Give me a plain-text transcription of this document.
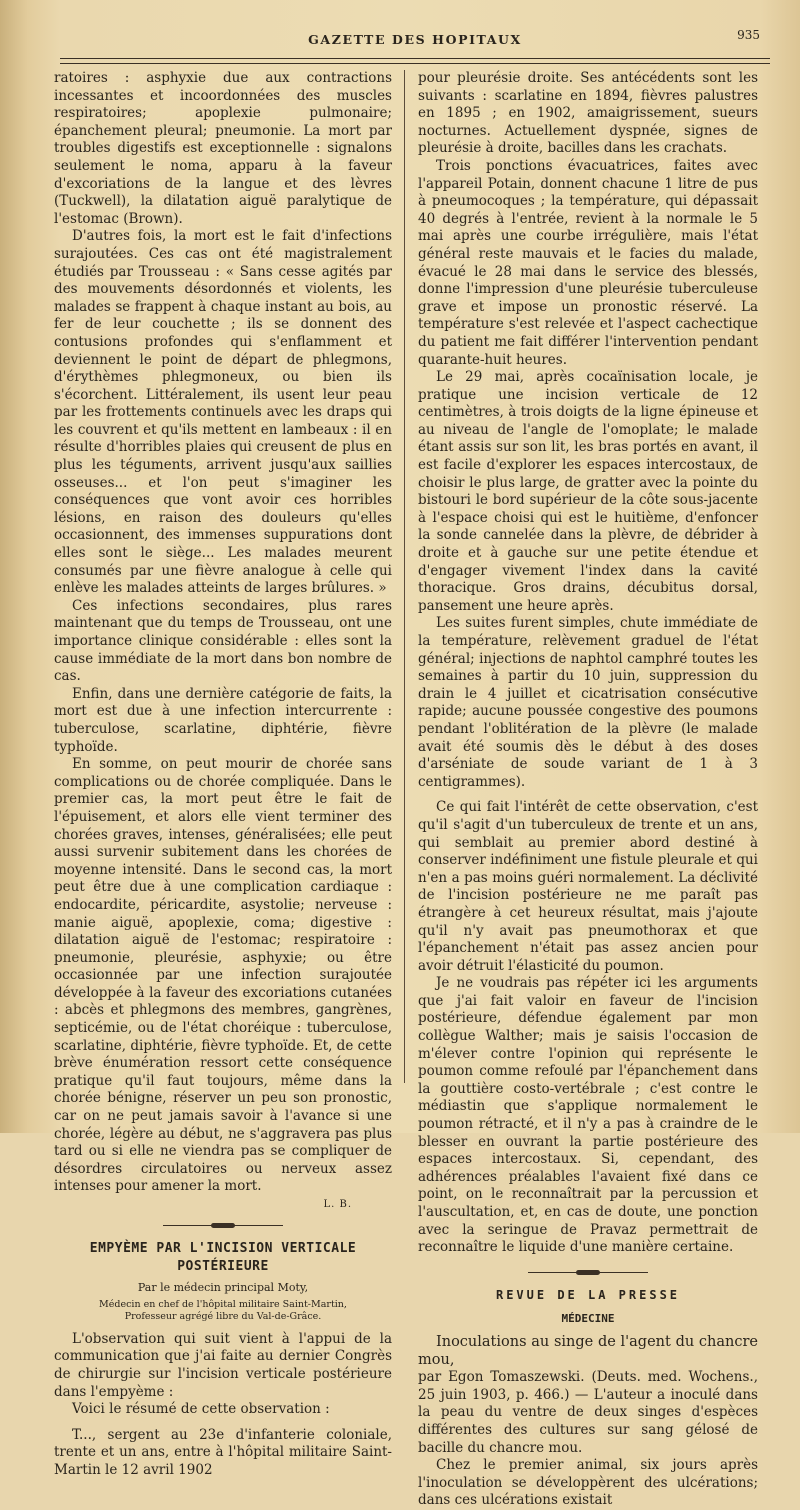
GAZETTE DES HOPITAUX	935

ratoires : asphyxie due aux contractions incessantes et incoordonnées des muscles respiratoires; apoplexie pulmonaire; épanchement pleural; pneumonie. La mort par troubles digestifs est exceptionnelle : signalons seulement le noma, apparu à la faveur d'excoriations de la langue et des lèvres (Tuckwell), la dilatation aiguë paralytique de l'estomac (Brown).

D'autres fois, la mort est le fait d'infections surajoutées. Ces cas ont été magistralement étudiés par Trousseau : « Sans cesse agités par des mouvements désordonnés et violents, les malades se frappent à chaque instant au bois, au fer de leur couchette ; ils se donnent des contusions profondes qui s'enflamment et deviennent le point de départ de phlegmons, d'érythèmes phlegmoneux, ou bien ils s'écorchent. Littéralement, ils usent leur peau par les frottements continuels avec les draps qui les couvrent et qu'ils mettent en lambeaux : il en résulte d'horribles plaies qui creusent de plus en plus les téguments, arrivent jusqu'aux saillies osseuses... et l'on peut s'imaginer les conséquences que vont avoir ces horribles lésions, en raison des douleurs qu'elles occasionnent, des immenses suppurations dont elles sont le siège... Les malades meurent consumés par une fièvre analogue à celle qui enlève les malades atteints de larges brûlures. »

Ces infections secondaires, plus rares maintenant que du temps de Trousseau, ont une importance clinique considérable : elles sont la cause immédiate de la mort dans bon nombre de cas.

Enfin, dans une dernière catégorie de faits, la mort est due à une infection intercurrente : tuberculose, scarlatine, diphtérie, fièvre typhoïde.

En somme, on peut mourir de chorée sans complications ou de chorée compliquée. Dans le premier cas, la mort peut être le fait de l'épuisement, et alors elle vient terminer des chorées graves, intenses, généralisées; elle peut aussi survenir subitement dans les chorées de moyenne intensité. Dans le second cas, la mort peut être due à une complication cardiaque : endocardite, péricardite, asystolie; nerveuse : manie aiguë, apoplexie, coma; digestive : dilatation aiguë de l'estomac; respiratoire : pneumonie, pleurésie, asphyxie; ou être occasionnée par une infection surajoutée développée à la faveur des excoriations cutanées : abcès et phlegmons des membres, gangrènes, septicémie, ou de l'état choréique : tuberculose, scarlatine, diphtérie, fièvre typhoïde. Et, de cette brève énumération ressort cette conséquence pratique qu'il faut toujours, même dans la chorée bénigne, réserver un peu son pronostic, car on ne peut jamais savoir à l'avance si une chorée, légère au début, ne s'aggravera pas plus tard ou si elle ne viendra pas se compliquer de désordres circulatoires ou nerveux assez intenses pour amener la mort.

L. B.
EMPYÈME PAR L'INCISION VERTICALE POSTÉRIEURE
Par le médecin principal Moty,
Médecin en chef de l'hôpital militaire Saint-Martin,
Professeur agrégé libre du Val-de-Grâce.

L'observation qui suit vient à l'appui de la communication que j'ai faite au dernier Congrès de chirurgie sur l'incision verticale postérieure dans l'empyème :

Voici le résumé de cette observation :

T..., sergent au 23e d'infanterie coloniale, trente et un ans, entre à l'hôpital militaire Saint-Martin le 12 avril 1902

pour pleurésie droite. Ses antécédents sont les suivants : scarlatine en 1894, fièvres palustres en 1895 ; en 1902, amaigrissement, sueurs nocturnes. Actuellement dyspnée, signes de pleurésie à droite, bacilles dans les crachats.

Trois ponctions évacuatrices, faites avec l'appareil Potain, donnent chacune 1 litre de pus à pneumocoques ; la température, qui dépassait 40 degrés à l'entrée, revient à la normale le 5 mai après une courbe irrégulière, mais l'état général reste mauvais et le facies du malade, évacué le 28 mai dans le service des blessés, donne l'impression d'une pleurésie tuberculeuse grave et impose un pronostic réservé. La température s'est relevée et l'aspect cachectique du patient me fait différer l'intervention pendant quarante-huit heures.

Le 29 mai, après cocaïnisation locale, je pratique une incision verticale de 12 centimètres, à trois doigts de la ligne épineuse et au niveau de l'angle de l'omoplate; le malade étant assis sur son lit, les bras portés en avant, il est facile d'explorer les espaces intercostaux, de choisir le plus large, de gratter avec la pointe du bistouri le bord supérieur de la côte sous-jacente à l'espace choisi qui est le huitième, d'enfoncer la sonde cannelée dans la plèvre, de débrider à droite et à gauche sur une petite étendue et d'engager vivement l'index dans la cavité thoracique. Gros drains, décubitus dorsal, pansement une heure après.

Les suites furent simples, chute immédiate de la température, relèvement graduel de l'état général; injections de naphtol camphré toutes les semaines à partir du 10 juin, suppression du drain le 4 juillet et cicatrisation consécutive rapide; aucune poussée congestive des poumons pendant l'oblitération de la plèvre (le malade avait été soumis dès le début à des doses d'arséniate de soude variant de 1 à 3 centigrammes).

Ce qui fait l'intérêt de cette observation, c'est qu'il s'agit d'un tuberculeux de trente et un ans, qui semblait au premier abord destiné à conserver indéfiniment une fistule pleurale et qui n'en a pas moins guéri normalement. La déclivité de l'incision postérieure ne me paraît pas étrangère à cet heureux résultat, mais j'ajoute qu'il n'y avait pas pneumothorax et que l'épanchement n'était pas assez ancien pour avoir détruit l'élasticité du poumon.

Je ne voudrais pas répéter ici les arguments que j'ai fait valoir en faveur de l'incision postérieure, défendue également par mon collègue Walther; mais je saisis l'occasion de m'élever contre l'opinion qui représente le poumon comme refoulé par l'épanchement dans la gouttière costo-vertébrale ; c'est contre le médiastin que s'applique normalement le poumon rétracté, et il n'y a pas à craindre de le blesser en ouvrant la partie postérieure des espaces intercostaux. Si, cependant, des adhérences préalables l'avaient fixé dans ce point, on le reconnaîtrait par la percussion et l'auscultation, et, en cas de doute, une ponction avec la seringue de Pravaz permettrait de reconnaître le liquide d'une manière certaine.

REVUE DE LA PRESSE
MÉDECINE

Inoculations au singe de l'agent du chancre mou,

par Egon Tomaszewski. (Deuts. med. Wochens., 25 juin 1903, p. 466.) — L'auteur a inoculé dans la peau du ventre de deux singes d'espèces différentes des cultures sur sang gélosé de bacille du chancre mou.

Chez le premier animal, six jours après l'inoculation se développèrent des ulcérations; dans ces ulcérations existait
